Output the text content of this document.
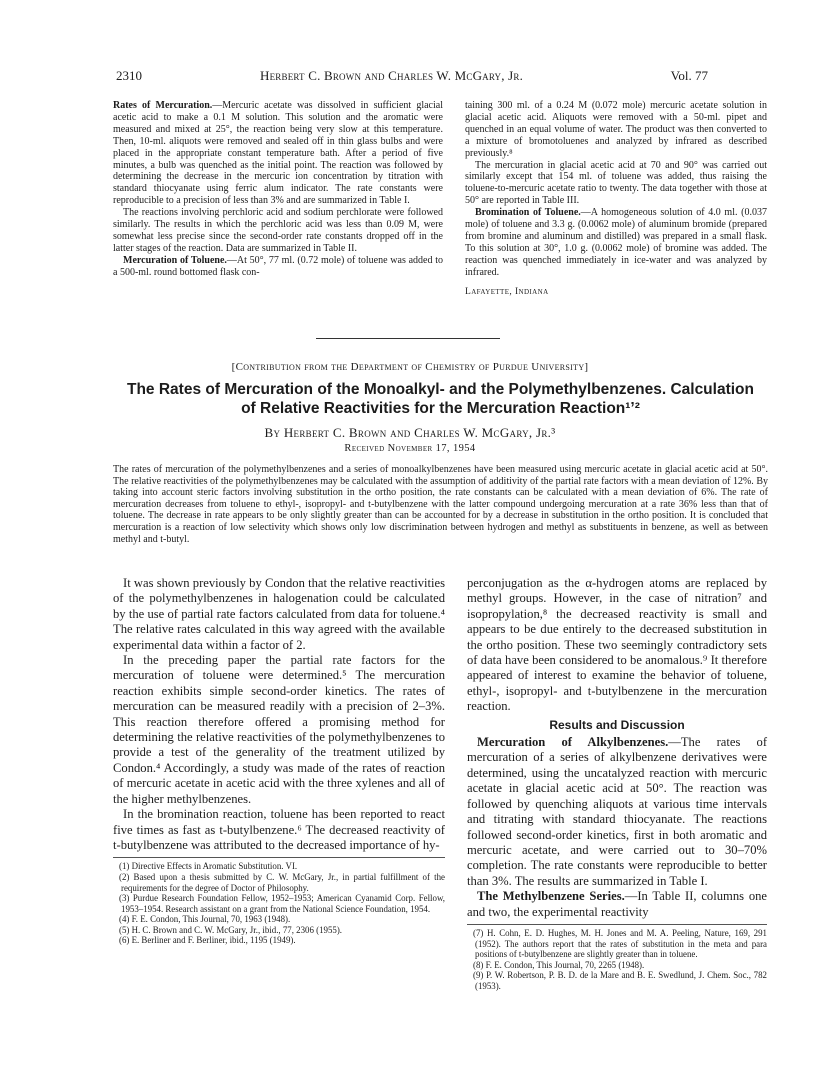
2310	Herbert C. Brown and Charles W. McGary, Jr.	Vol. 77

Rates of Mercuration.—Mercuric acetate was dissolved in sufficient glacial acetic acid to make a 0.1 M solution. This solution and the aromatic were measured and mixed at 25°, the reaction being very slow at this temperature. Then, 10-ml. aliquots were removed and sealed off in thin glass bulbs and were placed in the appropriate constant temperature bath. After a period of five minutes, a bulb was quenched as the initial point. The reaction was followed by determining the decrease in the mercuric ion concentration by titration with standard thiocyanate using ferric alum indicator. The rate constants were reproducible to a precision of less than 3% and are summarized in Table I.

The reactions involving perchloric acid and sodium perchlorate were followed similarly. The results in which the perchloric acid was less than 0.09 M, were somewhat less precise since the second-order rate constants dropped off in the latter stages of the reaction. Data are summarized in Table II.

Mercuration of Toluene.—At 50°, 77 ml. (0.72 mole) of toluene was added to a 500-ml. round bottomed flask con-

taining 300 ml. of a 0.24 M (0.072 mole) mercuric acetate solution in glacial acetic acid. Aliquots were removed with a 50-ml. pipet and quenched in an equal volume of water. The product was then converted to a mixture of bromotoluenes and analyzed by infrared as described previously.⁸

The mercuration in glacial acetic acid at 70 and 90° was carried out similarly except that 154 ml. of toluene was added, thus raising the toluene-to-mercuric acetate ratio to twenty. The data together with those at 50° are reported in Table III.

Bromination of Toluene.—A homogeneous solution of 4.0 ml. (0.037 mole) of toluene and 3.3 g. (0.0062 mole) of aluminum bromide (prepared from bromine and aluminum and distilled) was prepared in a small flask. To this solution at 30°, 1.0 g. (0.0062 mole) of bromine was added. The reaction was quenched immediately in ice-water and was analyzed by infrared.

Lafayette, Indiana

[Contribution from the Department of Chemistry of Purdue University]
The Rates of Mercuration of the Monoalkyl- and the Polymethylbenzenes. Calculation
of Relative Reactivities for the Mercuration Reaction¹ʼ²
By Herbert C. Brown and Charles W. McGary, Jr.³
Received November 17, 1954
The rates of mercuration of the polymethylbenzenes and a series of monoalkylbenzenes have been measured using mercuric acetate in glacial acetic acid at 50°. The relative reactivities of the polymethylbenzenes may be calculated with the assumption of additivity of the partial rate factors with a mean deviation of 12%. By taking into account steric factors involving substitution in the ortho position, the rate constants can be calculated with a mean deviation of 6%. The rate of mercuration decreases from toluene to ethyl-, isopropyl- and t-butylbenzene with the latter compound undergoing mercuration at a rate 36% less than that of toluene. The decrease in rate appears to be only slightly greater than can be accounted for by a decrease in substitution in the ortho position. It is concluded that mercuration is a reaction of low selectivity which shows only low discrimination between hydrogen and methyl as substituents in benzene, as well as between methyl and t-butyl.

It was shown previously by Condon that the relative reactivities of the polymethylbenzenes in halogenation could be calculated by the use of partial rate factors calculated from data for toluene.⁴ The relative rates calculated in this way agreed with the available experimental data within a factor of 2.

In the preceding paper the partial rate factors for the mercuration of toluene were determined.⁵ The mercuration reaction exhibits simple second-order kinetics. The rates of mercuration can be measured readily with a precision of 2–3%. This reaction therefore offered a promising method for determining the relative reactivities of the polymethylbenzenes to provide a test of the generality of the treatment utilized by Condon.⁴ Accordingly, a study was made of the rates of reaction of mercuric acetate in acetic acid with the three xylenes and all of the higher methylbenzenes.

In the bromination reaction, toluene has been reported to react five times as fast as t-butylbenzene.⁶ The decreased reactivity of t-butylbenzene was attributed to the decreased importance of hy-

(1) Directive Effects in Aromatic Substitution. VI.
(2) Based upon a thesis submitted by C. W. McGary, Jr., in partial fulfillment of the requirements for the degree of Doctor of Philosophy.
(3) Purdue Research Foundation Fellow, 1952–1953; American Cyanamid Corp. Fellow, 1953–1954. Research assistant on a grant from the National Science Foundation, 1954.
(4) F. E. Condon, This Journal, 70, 1963 (1948).
(5) H. C. Brown and C. W. McGary, Jr., ibid., 77, 2306 (1955).
(6) E. Berliner and F. Berliner, ibid., 1195 (1949).

perconjugation as the α-hydrogen atoms are replaced by methyl groups. However, in the case of nitration⁷ and isopropylation,⁸ the decreased reactivity is small and appears to be due entirely to the decreased substitution in the ortho position. These two seemingly contradictory sets of data have been considered to be anomalous.⁹ It therefore appeared of interest to examine the behavior of toluene, ethyl-, isopropyl- and t-butylbenzene in the mercuration reaction.

Results and Discussion

Mercuration of Alkylbenzenes.—The rates of mercuration of a series of alkylbenzene derivatives were determined, using the uncatalyzed reaction with mercuric acetate in glacial acetic acid at 50°. The reaction was followed by quenching aliquots at various time intervals and titrating with standard thiocyanate. The reactions followed second-order kinetics, first in both aromatic and mercuric acetate, and were carried out to 30–70% completion. The rate constants were reproducible to better than 3%. The results are summarized in Table I.

The Methylbenzene Series.—In Table II, columns one and two, the experimental reactivity

(7) H. Cohn, E. D. Hughes, M. H. Jones and M. A. Peeling, Nature, 169, 291 (1952). The authors report that the rates of substitution in the meta and para positions of t-butylbenzene are slightly greater than in toluene.
(8) F. E. Condon, This Journal, 70, 2265 (1948).
(9) P. W. Robertson, P. B. D. de la Mare and B. E. Swedlund, J. Chem. Soc., 782 (1953).
